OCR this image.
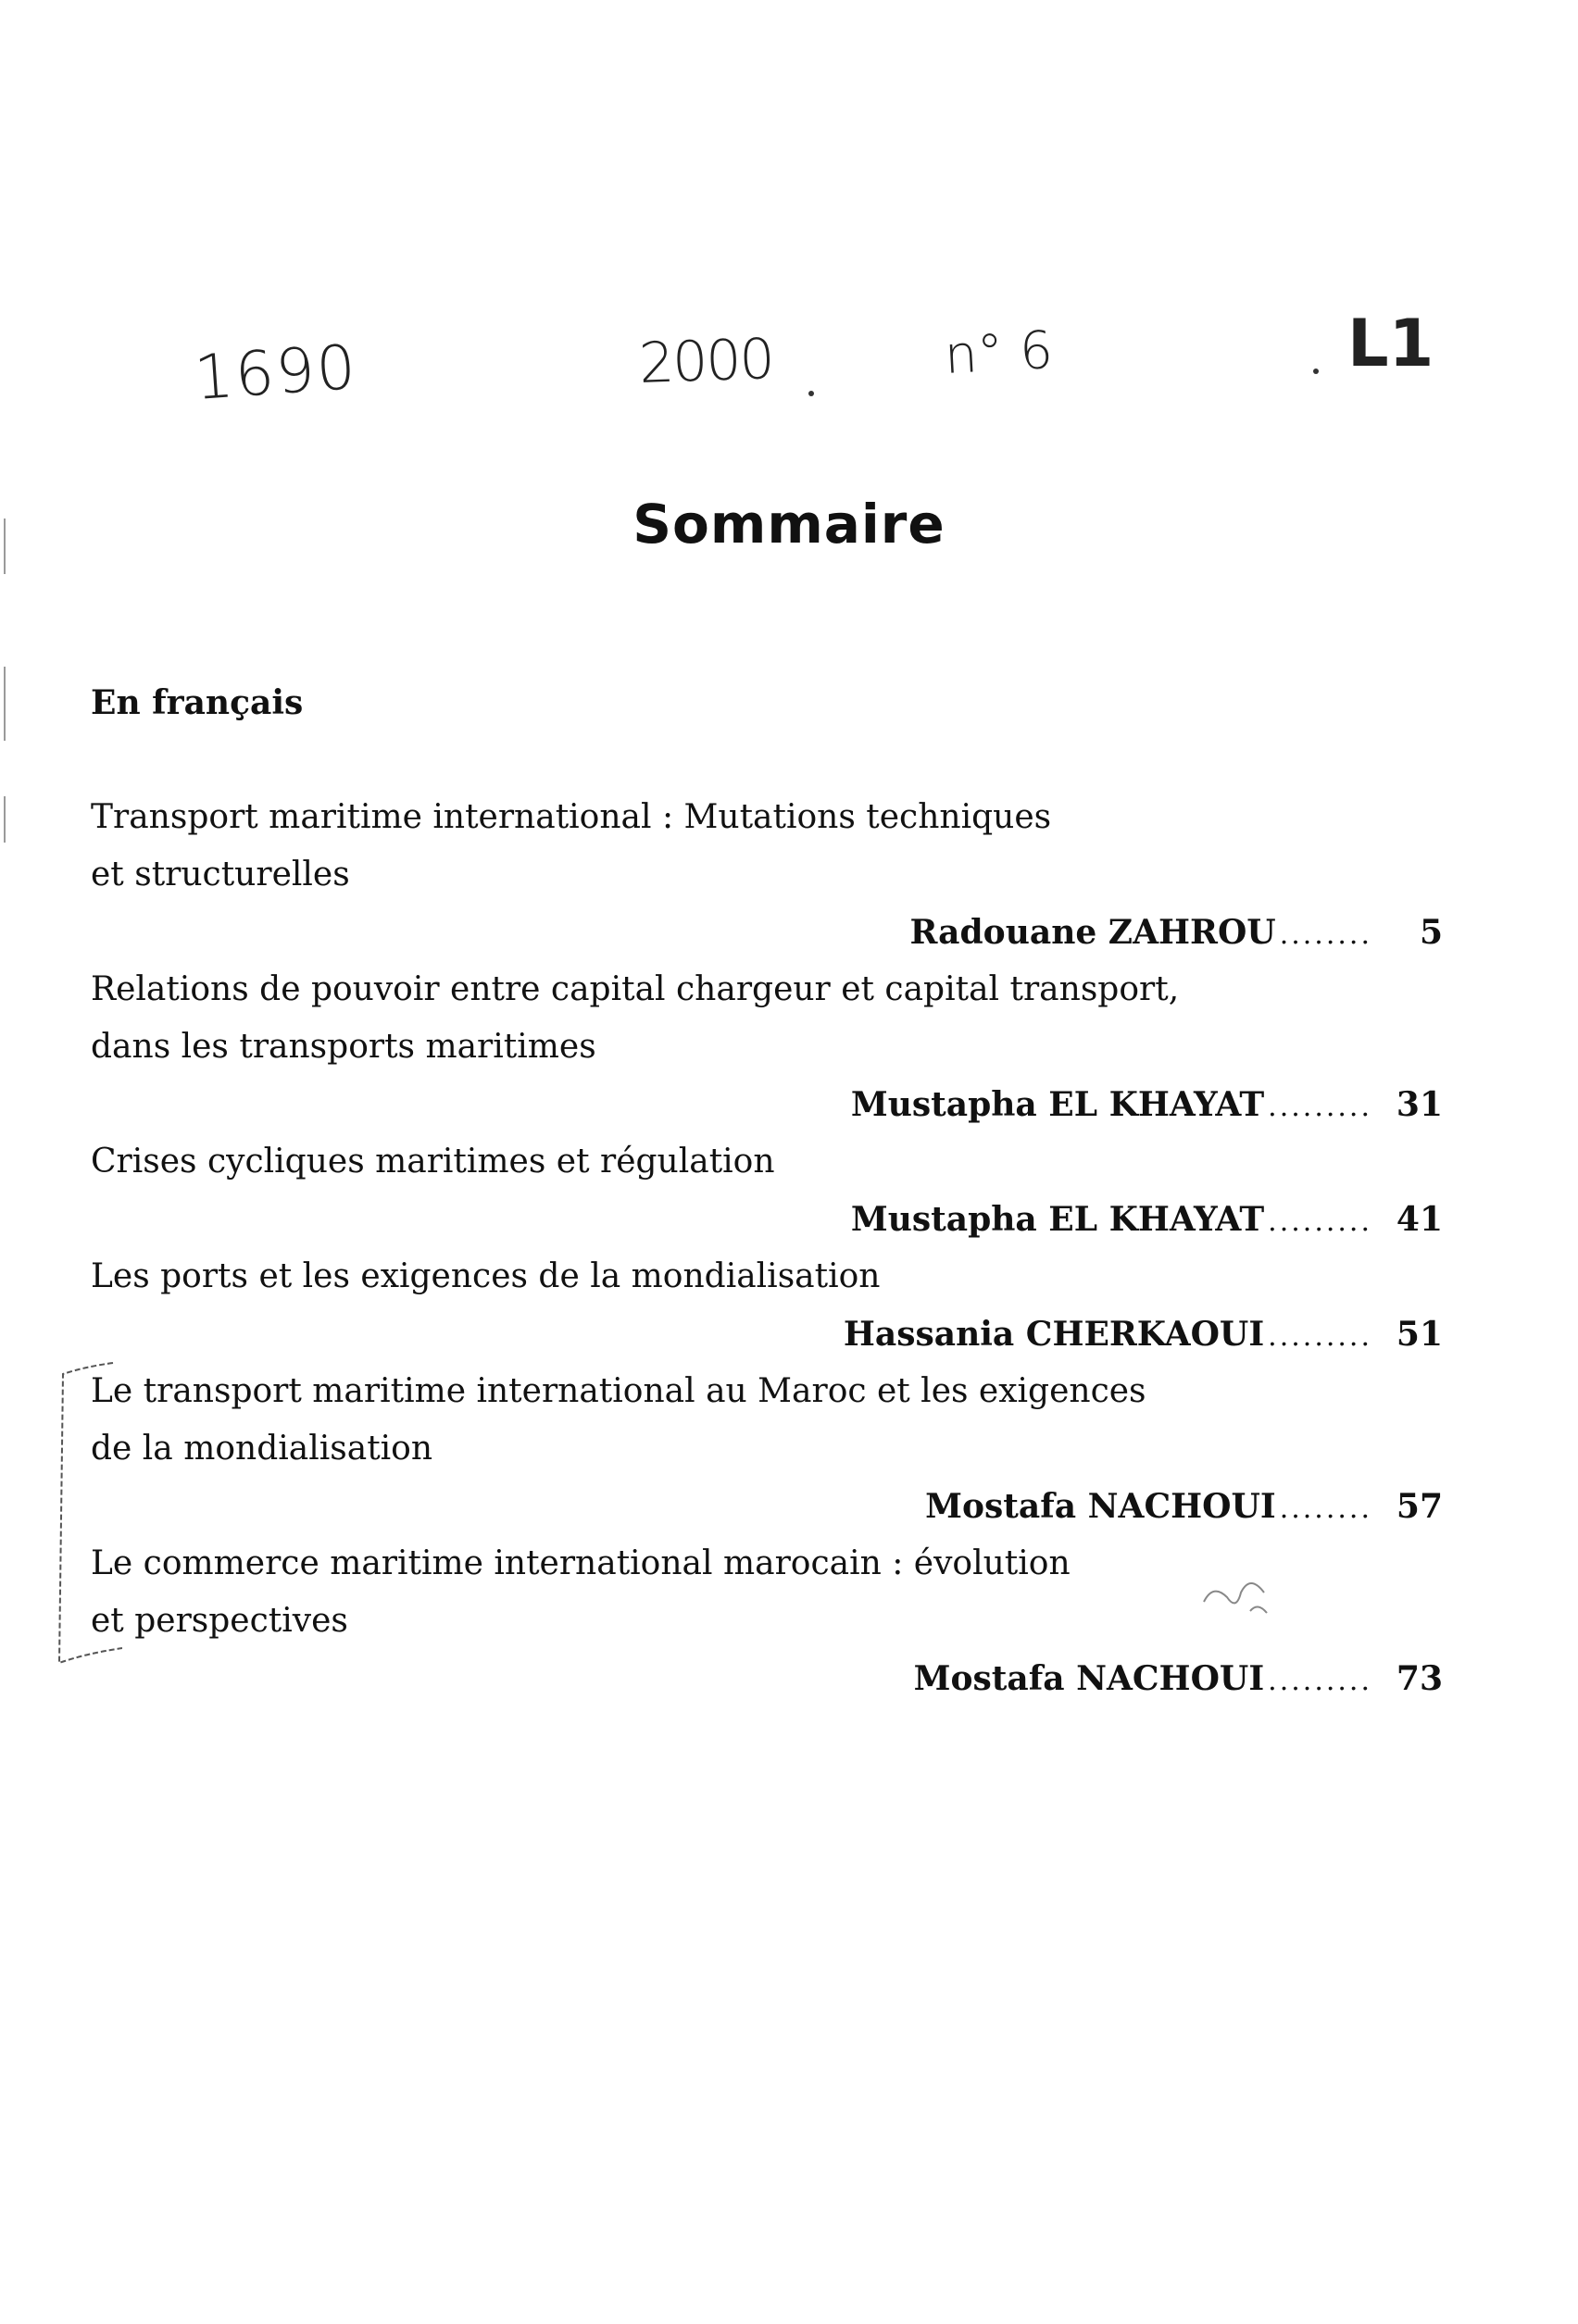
1690	2000	n° 6	L1
Sommaire
En français
Transport maritime international : Mutations techniques
et structurelles
Radouane ZAHROU ........	5
Relations de pouvoir entre capital chargeur et capital transport,
dans les transports maritimes
Mustapha EL KHAYAT ......... 31
Crises cycliques maritimes et régulation
Mustapha EL KHAYAT ......... 41
Les ports et les exigences de la mondialisation
Hassania CHERKAOUI ......... 51
Le transport maritime international au Maroc et les exigences
de la mondialisation
Mostafa NACHOUI ........ 57
Le commerce maritime international marocain : évolution
et perspectives
Mostafa NACHOUI ......... 73
